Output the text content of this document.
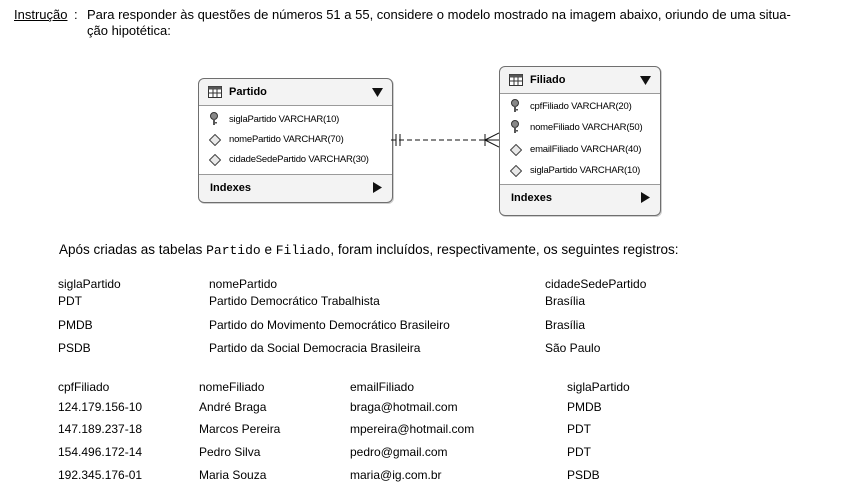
Instrução : Para responder às questões de números 51 a 55, considere o modelo mostrado na imagem abaixo, oriundo de uma situa-
ção hipotética:
Partido
siglaPartido VARCHAR(10)
nomePartido VARCHAR(70)
cidadeSedePartido VARCHAR(30)
Indexes
Filiado
cpfFiliado VARCHAR(20)
nomeFiliado VARCHAR(50)
emailFiliado VARCHAR(40)
siglaPartido VARCHAR(10)
Indexes
Após criadas as tabelas Partido e Filiado, foram incluídos, respectivamente, os seguintes registros:
siglaPartido	nomePartido	cidadeSedePartido
PDT	Partido Democrático Trabalhista	Brasília
PMDB	Partido do Movimento Democrático Brasileiro	Brasília
PSDB	Partido da Social Democracia Brasileira	São Paulo
cpfFiliado	nomeFiliado	emailFiliado	siglaPartido
124.179.156-10	André Braga	braga@hotmail.com	PMDB
147.189.237-18	Marcos Pereira	mpereira@hotmail.com	PDT
154.496.172-14	Pedro Silva	pedro@gmail.com	PDT
192.345.176-01	Maria Souza	maria@ig.com.br	PSDB
